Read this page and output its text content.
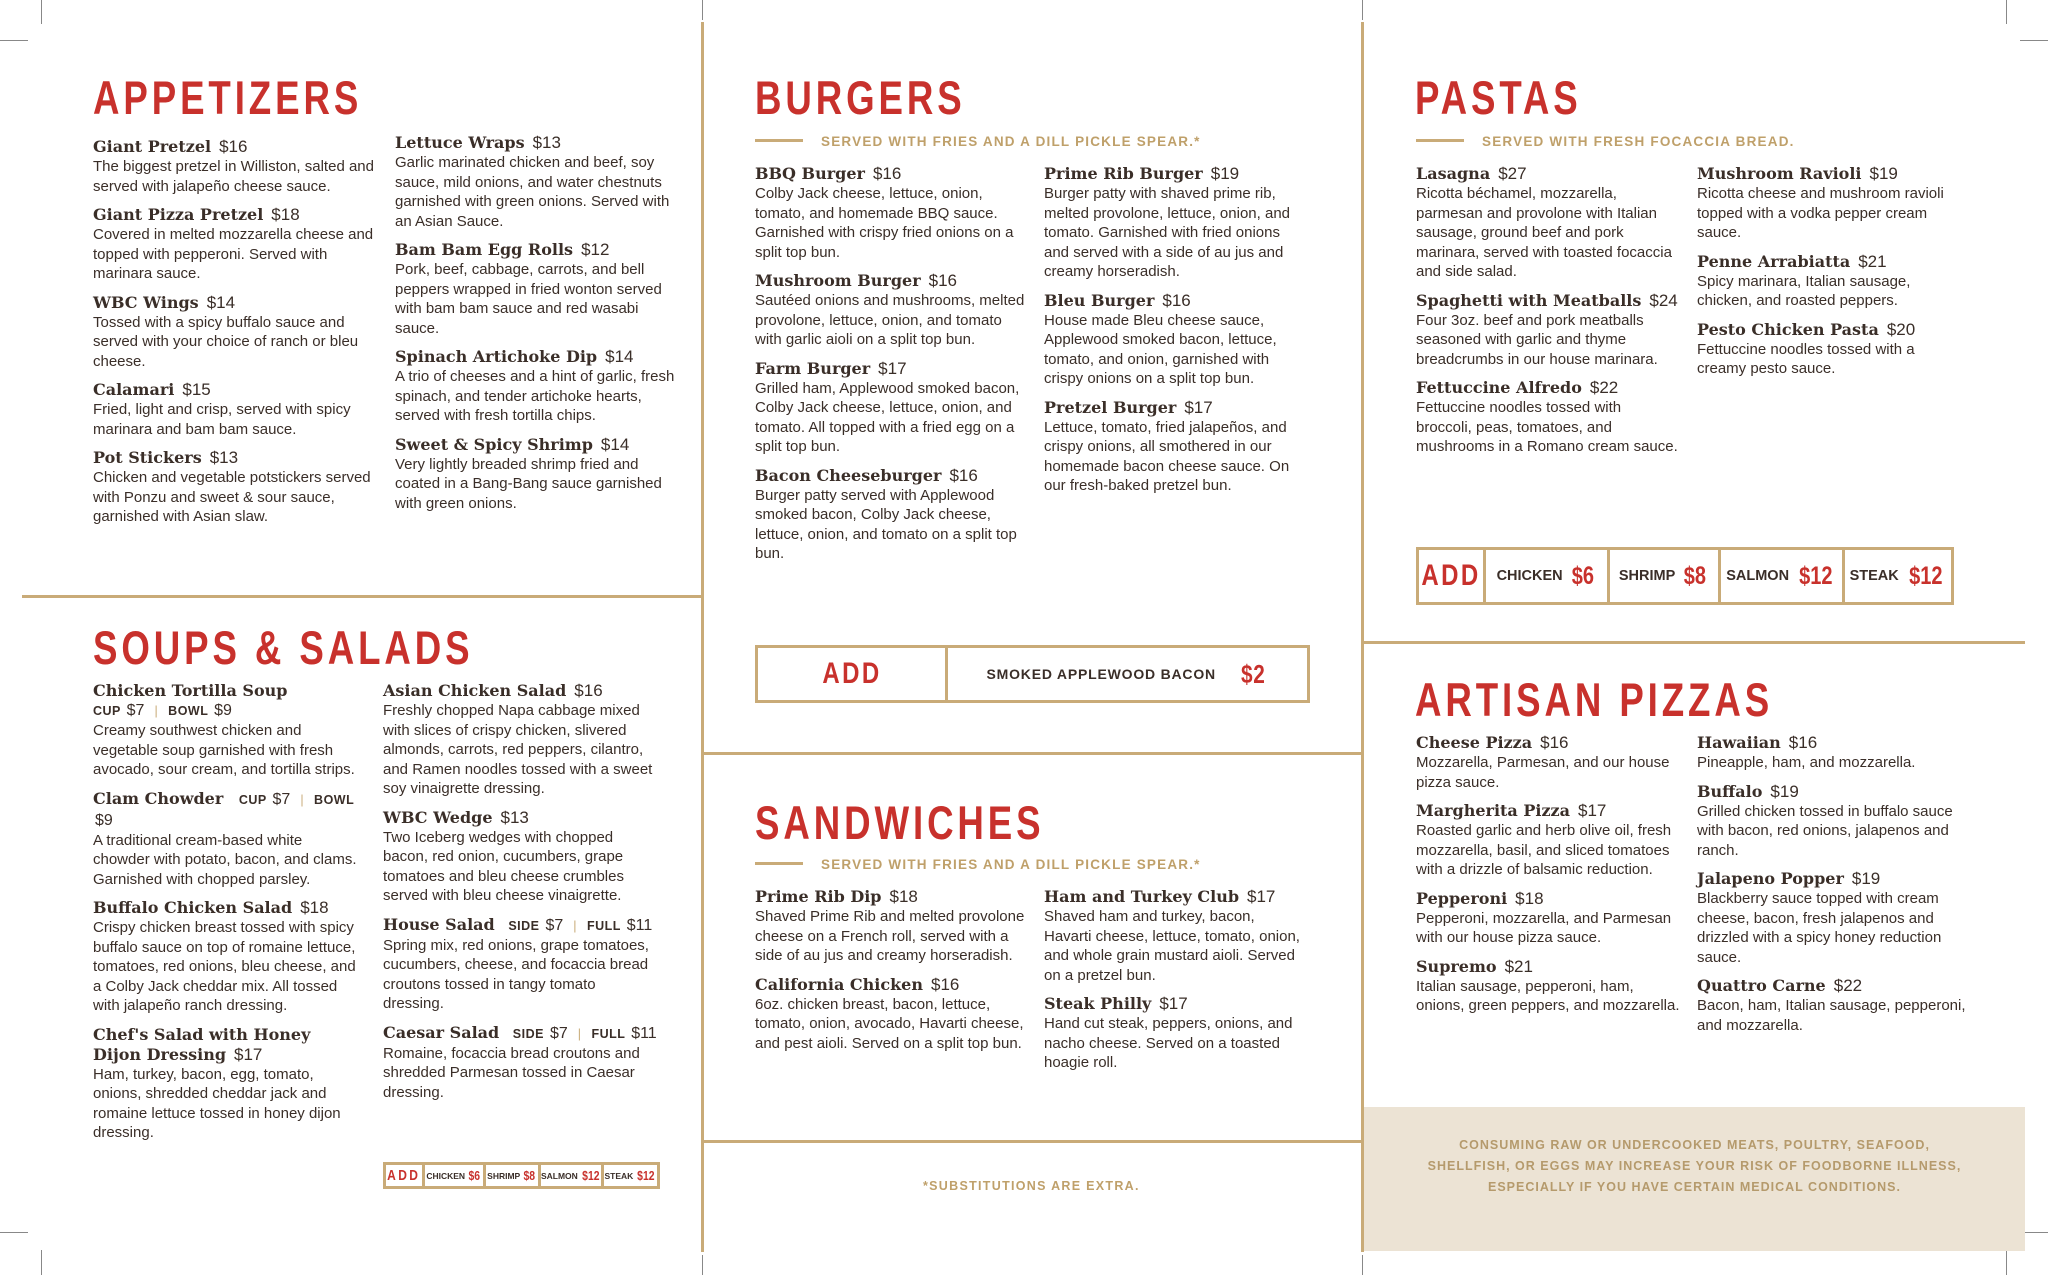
APPETIZERS
Giant Pretzel $16
The biggest pretzel in Williston, salted and served with jalapeño cheese sauce.
Giant Pizza Pretzel $18
Covered in melted mozzarella cheese and topped with pepperoni. Served with marinara sauce.
WBC Wings $14
Tossed with a spicy buffalo sauce and served with your choice of ranch or bleu cheese.
Calamari $15
Fried, light and crisp, served with spicy marinara and bam bam sauce.
Pot Stickers $13
Chicken and vegetable potstickers served with Ponzu and sweet & sour sauce, garnished with Asian slaw.
Lettuce Wraps $13
Garlic marinated chicken and beef, soy sauce, mild onions, and water chestnuts garnished with green onions. Served with an Asian Sauce.
Bam Bam Egg Rolls $12
Pork, beef, cabbage, carrots, and bell peppers wrapped in fried wonton served with bam bam sauce and red wasabi sauce.
Spinach Artichoke Dip $14
A trio of cheeses and a hint of garlic, fresh spinach, and tender artichoke hearts, served with fresh tortilla chips.
Sweet & Spicy Shrimp $14
Very lightly breaded shrimp fried and coated in a Bang-Bang sauce garnished with green onions.
SOUPS & SALADS
Chicken Tortilla Soup
CUP $7 | BOWL $9
Creamy southwest chicken and vegetable soup garnished with fresh avocado, sour cream, and tortilla strips.
Clam Chowder CUP $7 | BOWL $9
A traditional cream-based white chowder with potato, bacon, and clams. Garnished with chopped parsley.
Buffalo Chicken Salad $18
Crispy chicken breast tossed with spicy buffalo sauce on top of romaine lettuce, tomatoes, red onions, bleu cheese, and a Colby Jack cheddar mix. All tossed with jalapeño ranch dressing.
Chef's Salad with Honey Dijon Dressing $17
Ham, turkey, bacon, egg, tomato, onions, shredded cheddar jack and romaine lettuce tossed in honey dijon dressing.
Asian Chicken Salad $16
Freshly chopped Napa cabbage mixed with slices of crispy chicken, slivered almonds, carrots, red peppers, cilantro, and Ramen noodles tossed with a sweet soy vinaigrette dressing.
WBC Wedge $13
Two Iceberg wedges with chopped bacon, red onion, cucumbers, grape tomatoes and bleu cheese crumbles served with bleu cheese vinaigrette.
House Salad SIDE $7 | FULL $11
Spring mix, red onions, grape tomatoes, cucumbers, cheese, and focaccia bread croutons tossed in tangy tomato dressing.
Caesar Salad SIDE $7 | FULL $11
Romaine, focaccia bread croutons and shredded Parmesan tossed in Caesar dressing.
ADD CHICKEN $6 SHRIMP $8 SALMON $12 STEAK $12
BURGERS
SERVED WITH FRIES AND A DILL PICKLE SPEAR.*
BBQ Burger $16
Colby Jack cheese, lettuce, onion, tomato, and homemade BBQ sauce. Garnished with crispy fried onions on a split top bun.
Mushroom Burger $16
Sautéed onions and mushrooms, melted provolone, lettuce, onion, and tomato with garlic aioli on a split top bun.
Farm Burger $17
Grilled ham, Applewood smoked bacon, Colby Jack cheese, lettuce, onion, and tomato. All topped with a fried egg on a split top bun.
Bacon Cheeseburger $16
Burger patty served with Applewood smoked bacon, Colby Jack cheese, lettuce, onion, and tomato on a split top bun.
Prime Rib Burger $19
Burger patty with shaved prime rib, melted provolone, lettuce, onion, and tomato. Garnished with fried onions and served with a side of au jus and creamy horseradish.
Bleu Burger $16
House made Bleu cheese sauce, Applewood smoked bacon, lettuce, tomato, and onion, garnished with crispy onions on a split top bun.
Pretzel Burger $17
Lettuce, tomato, fried jalapeños, and crispy onions, all smothered in our homemade bacon cheese sauce. On our fresh-baked pretzel bun.
ADD	SMOKED APPLEWOOD BACON $2
SANDWICHES
SERVED WITH FRIES AND A DILL PICKLE SPEAR.*
Prime Rib Dip $18
Shaved Prime Rib and melted provolone cheese on a French roll, served with a side of au jus and creamy horseradish.
California Chicken $16
6oz. chicken breast, bacon, lettuce, tomato, onion, avocado, Havarti cheese, and pest aioli. Served on a split top bun.
Ham and Turkey Club $17
Shaved ham and turkey, bacon, Havarti cheese, lettuce, tomato, onion, and whole grain mustard aioli. Served on a pretzel bun.
Steak Philly $17
Hand cut steak, peppers, onions, and nacho cheese. Served on a toasted hoagie roll.
*SUBSTITUTIONS ARE EXTRA.
PASTAS
SERVED WITH FRESH FOCACCIA BREAD.
Lasagna $27
Ricotta béchamel, mozzarella, parmesan and provolone with Italian sausage, ground beef and pork marinara, served with toasted focaccia and side salad.
Spaghetti with Meatballs $24
Four 3oz. beef and pork meatballs seasoned with garlic and thyme breadcrumbs in our house marinara.
Fettuccine Alfredo $22
Fettuccine noodles tossed with broccoli, peas, tomatoes, and mushrooms in a Romano cream sauce.
Mushroom Ravioli $19
Ricotta cheese and mushroom ravioli topped with a vodka pepper cream sauce.
Penne Arrabiatta $21
Spicy marinara, Italian sausage, chicken, and roasted peppers.
Pesto Chicken Pasta $20
Fettuccine noodles tossed with a creamy pesto sauce.
ADD CHICKEN $6 SHRIMP $8 SALMON $12 STEAK $12
ARTISAN PIZZAS
Cheese Pizza $16
Mozzarella, Parmesan, and our house pizza sauce.
Margherita Pizza $17
Roasted garlic and herb olive oil, fresh mozzarella, basil, and sliced tomatoes with a drizzle of balsamic reduction.
Pepperoni $18
Pepperoni, mozzarella, and Parmesan with our house pizza sauce.
Supremo $21
Italian sausage, pepperoni, ham, onions, green peppers, and mozzarella.
Hawaiian $16
Pineapple, ham, and mozzarella.
Buffalo $19
Grilled chicken tossed in buffalo sauce with bacon, red onions, jalapenos and ranch.
Jalapeno Popper $19
Blackberry sauce topped with cream cheese, bacon, fresh jalapenos and drizzled with a spicy honey reduction sauce.
Quattro Carne $22
Bacon, ham, Italian sausage, pepperoni, and mozzarella.
CONSUMING RAW OR UNDERCOOKED MEATS, POULTRY, SEAFOOD,
SHELLFISH, OR EGGS MAY INCREASE YOUR RISK OF FOODBORNE ILLNESS,
ESPECIALLY IF YOU HAVE CERTAIN MEDICAL CONDITIONS.
